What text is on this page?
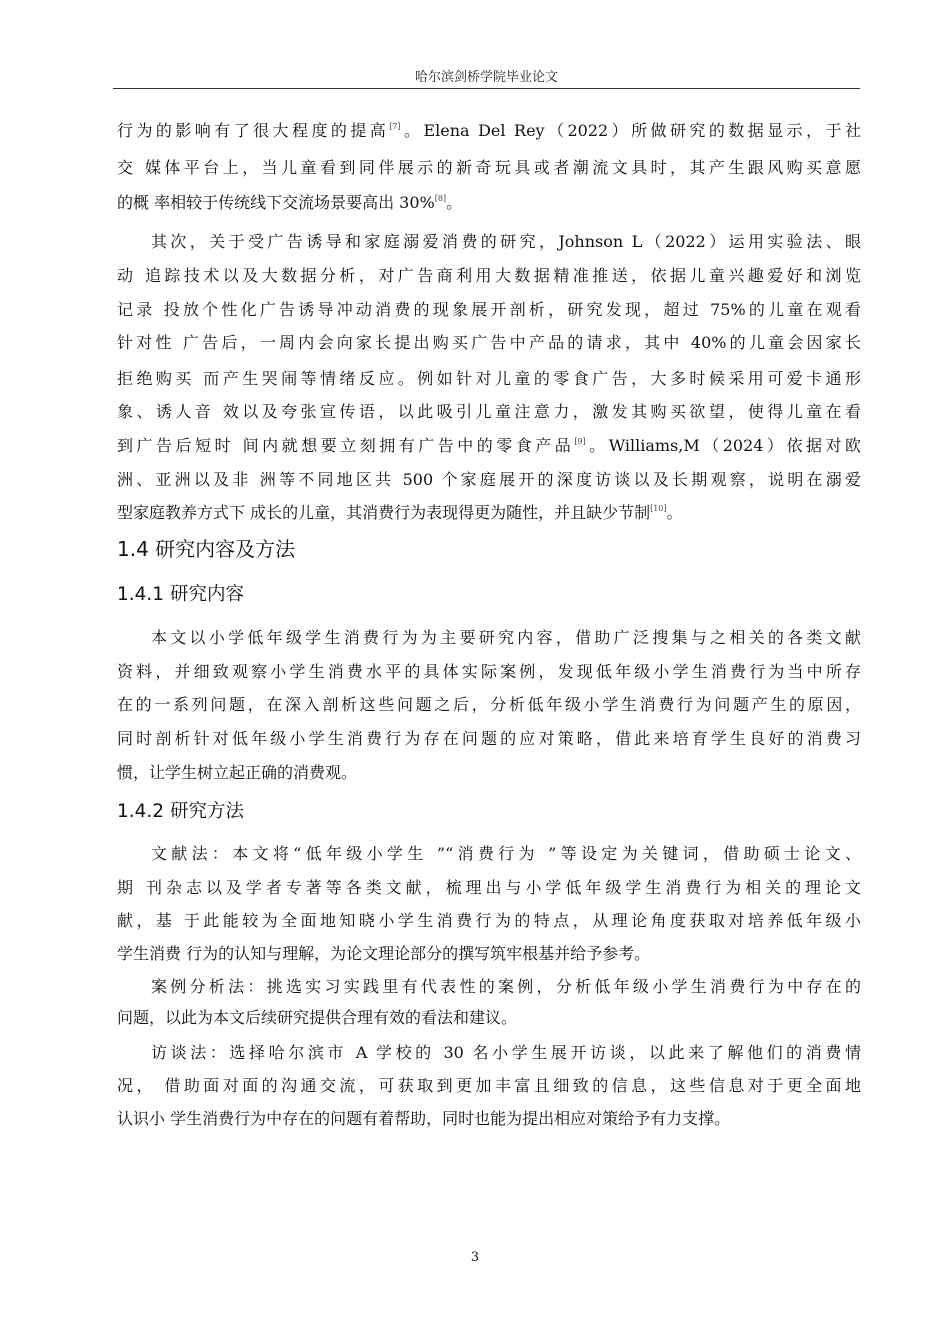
哈尔滨剑桥学院毕业论文
行为的影响有了很大程度的提高[7]。Elena Del Rey（2022）所做研究的数据显示，于社
交 媒体平台上，当儿童看到同伴展示的新奇玩具或者潮流文具时，其产生跟风购买意愿
的概 率相较于传统线下交流场景要高出 30%[8]。
其次，关于受广告诱导和家庭溺爱消费的研究，Johnson L（2022）运用实验法、眼
动 追踪技术以及大数据分析，对广告商利用大数据精准推送，依据儿童兴趣爱好和浏览
记录 投放个性化广告诱导冲动消费的现象展开剖析，研究发现，超过 75%的儿童在观看
针对性 广告后，一周内会向家长提出购买广告中产品的请求，其中 40%的儿童会因家长
拒绝购买 而产生哭闹等情绪反应。例如针对儿童的零食广告，大多时候采用可爱卡通形
象、诱人音 效以及夸张宣传语，以此吸引儿童注意力，激发其购买欲望，使得儿童在看
到广告后短时 间内就想要立刻拥有广告中的零食产品[9]。Williams,M（2024）依据对欧
洲、亚洲以及非 洲等不同地区共 500 个家庭展开的深度访谈以及长期观察，说明在溺爱
型家庭教养方式下 成长的儿童，其消费行为表现得更为随性，并且缺少节制[10]。
1.4 研究内容及方法
1.4.1 研究内容
本文以小学低年级学生消费行为为主要研究内容，借助广泛搜集与之相关的各类文献
资料，并细致观察小学生消费水平的具体实际案例，发现低年级小学生消费行为当中所存
在的一系列问题，在深入剖析这些问题之后，分析低年级小学生消费行为问题产生的原因，
同时剖析针对低年级小学生消费行为存在问题的应对策略，借此来培育学生良好的消费习
惯，让学生树立起正确的消费观。
1.4.2 研究方法
文献法：本文将“低年级小学生 ”“消费行为 ”等设定为关键词，借助硕士论文、
期 刊杂志以及学者专著等各类文献，梳理出与小学低年级学生消费行为相关的理论文
献，基 于此能较为全面地知晓小学生消费行为的特点，从理论角度获取对培养低年级小
学生消费 行为的认知与理解，为论文理论部分的撰写筑牢根基并给予参考。
案例分析法：挑选实习实践里有代表性的案例，分析低年级小学生消费行为中存在的
问题，以此为本文后续研究提供合理有效的看法和建议。
访谈法：选择哈尔滨市 A 学校的 30 名小学生展开访谈，以此来了解他们的消费情
况， 借助面对面的沟通交流，可获取到更加丰富且细致的信息，这些信息对于更全面地
认识小 学生消费行为中存在的问题有着帮助，同时也能为提出相应对策给予有力支撑。
3
